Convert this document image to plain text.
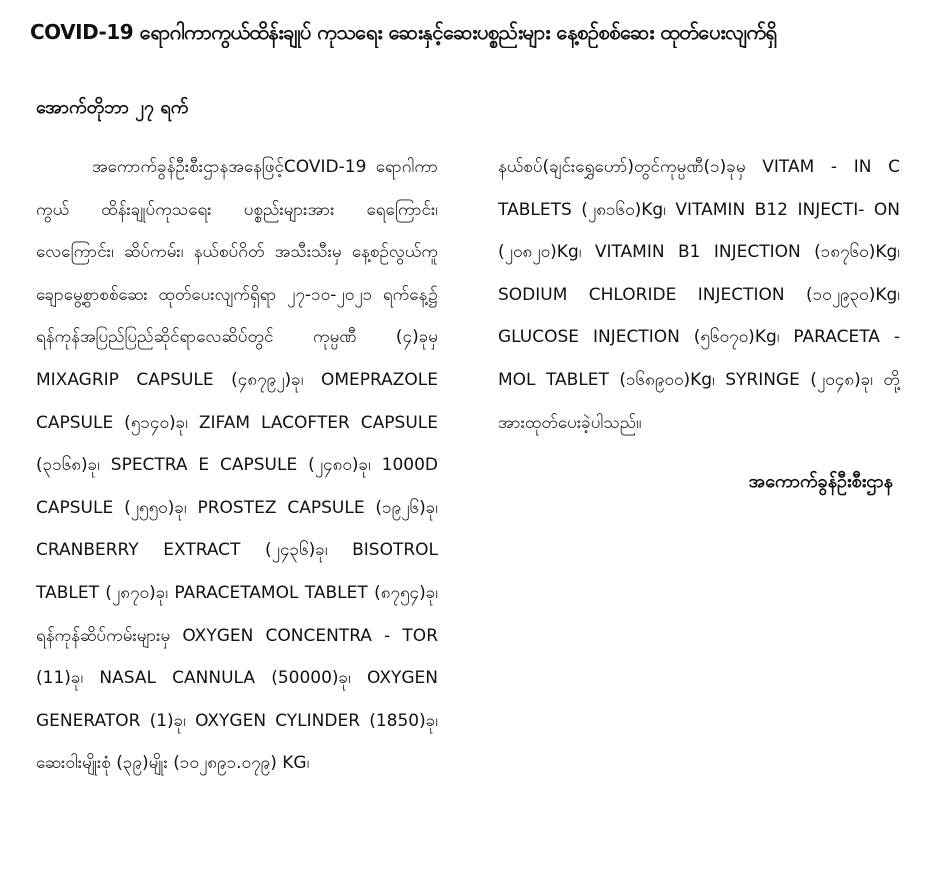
COVID-19 ရောဂါကာကွယ်ထိန်းချုပ် ကုသရေး ဆေးနှင့်ဆေးပစ္စည်းများ နေ့စဉ်စစ်ဆေး ထုတ်ပေးလျက်ရှိ
အောက်တိုဘာ ၂၇ ရက်

အကောက်ခွန်ဦးစီးဌာနအနေဖြင့်COVID-19 ရောဂါကာကွယ် ထိန်းချုပ်ကုသရေး ပစ္စည်းများအား ရေကြောင်း၊ လေကြောင်း၊ ဆိပ်ကမ်း၊ နယ်စပ်ဂိတ် အသီးသီးမှ နေ့စဉ်လွယ်ကူချောမွေ့စွာစစ်ဆေး ထုတ်ပေးလျက်ရှိရာ ၂၇-၁၀-၂၀၂၁ ရက်နေ့၌ ရန်ကုန်အပြည်ပြည်ဆိုင်ရာလေဆိပ်တွင် ကုမ္ပဏီ (၄)ခုမှ MIXAGRIP CAPSULE (၄၈၇၉၂)ခု၊ OMEPRAZOLE CAPSULE (၅၁၄၀)ခု၊ ZIFAM LACOFTER CAPSULE (၃၁၆၈)ခု၊ SPECTRA E CAPSULE (၂၄၈၀)ခု၊ 1000D CAPSULE (၂၅၅၀)ခု၊ PROSTEZ CAPSULE (၁၉၂၆)ခု၊ CRANBERRY EXTRACT (၂၄၃၆)ခု၊ BISOTROL TABLET (၂၈၇၀)ခု၊ PARACETAMOL TABLET (၈၇၅၄)ခု၊ ရန်ကုန်ဆိပ်ကမ်းများမှ OXYGEN CONCENTRA - TOR (11)ခု၊ NASAL CANNULA (50000)ခု၊ OXYGEN GENERATOR (1)ခု၊ OXYGEN CYLINDER (1850)ခု၊ ဆေးဝါးမျိုးစုံ (၃၉)မျိုး (၁၀၂၈၉၁.၀၇၉) KG၊

နယ်စပ်(ချင်းရွှေဟော်)တွင်ကုမ္ပဏီ(၁)ခုမှ VITAM - IN C TABLETS (၂၈၁၆၀)Kg၊ VITAMIN B12 INJECTI- ON (၂၀၈၂၀)Kg၊ VITAMIN B1 INJECTION (၁၈၇၆၀)Kg၊ SODIUM CHLORIDE INJECTION (၁၀၂၉၃၀)Kg၊ GLUCOSE INJECTION (၅၆၀၇၀)Kg၊ PARACETA -MOL TABLET (၁၆၈၉၀၀)Kg၊ SYRINGE (၂၀၄၈)ခု၊ တို့အားထုတ်ပေးခဲ့ပါသည်။

အကောက်ခွန်ဦးစီးဌာန
